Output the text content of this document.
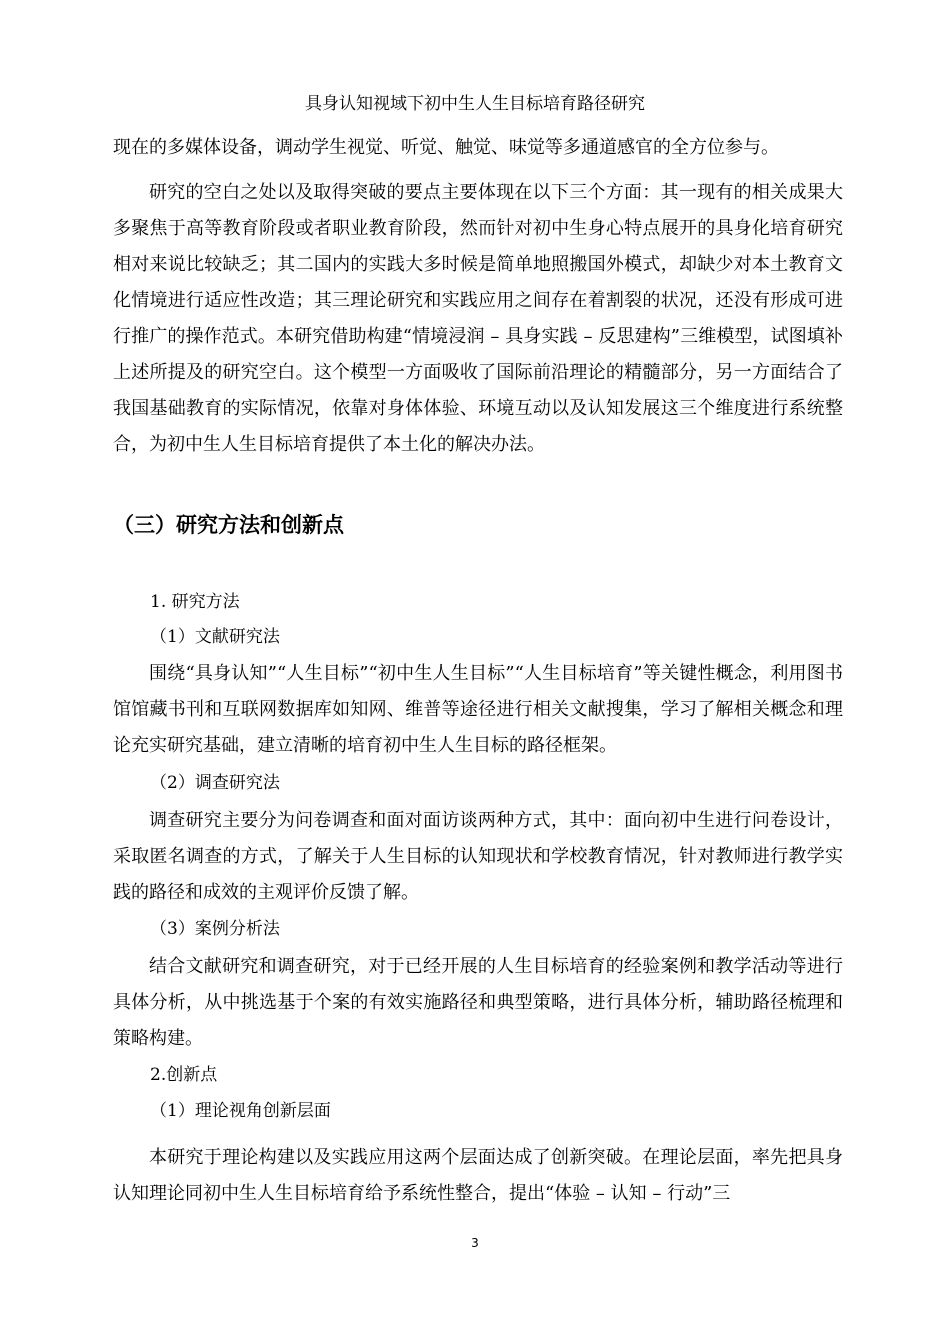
具身认知视域下初中生人生目标培育路径研究
现在的多媒体设备，调动学生视觉、听觉、触觉、味觉等多通道感官的全方位参与。
研究的空白之处以及取得突破的要点主要体现在以下三个方面：其一现有的相关成果大多聚焦于高等教育阶段或者职业教育阶段，然而针对初中生身心特点展开的具身化培育研究相对来说比较缺乏；其二国内的实践大多时候是简单地照搬国外模式，却缺少对本土教育文化情境进行适应性改造；其三理论研究和实践应用之间存在着割裂的状况，还没有形成可进行推广的操作范式。本研究借助构建“情境浸润 – 具身实践 – 反思建构”三维模型，试图填补上述所提及的研究空白。这个模型一方面吸收了国际前沿理论的精髓部分，另一方面结合了我国基础教育的实际情况，依靠对身体体验、环境互动以及认知发展这三个维度进行系统整合，为初中生人生目标培育提供了本土化的解决办法。
（三）研究方法和创新点
1. 研究方法
（1）文献研究法
围绕“具身认知”“人生目标”“初中生人生目标”“人生目标培育”等关键性概念，利用图书馆馆藏书刊和互联网数据库如知网、维普等途径进行相关文献搜集，学习了解相关概念和理论充实研究基础，建立清晰的培育初中生人生目标的路径框架。
（2）调查研究法
调查研究主要分为问卷调查和面对面访谈两种方式，其中：面向初中生进行问卷设计，采取匿名调查的方式，了解关于人生目标的认知现状和学校教育情况，针对教师进行教学实践的路径和成效的主观评价反馈了解。
（3）案例分析法
结合文献研究和调查研究，对于已经开展的人生目标培育的经验案例和教学活动等进行具体分析，从中挑选基于个案的有效实施路径和典型策略，进行具体分析，辅助路径梳理和策略构建。
2.创新点
（1）理论视角创新层面
本研究于理论构建以及实践应用这两个层面达成了创新突破。在理论层面，率先把具身认知理论同初中生人生目标培育给予系统性整合，提出“体验 – 认知 – 行动”三
3
